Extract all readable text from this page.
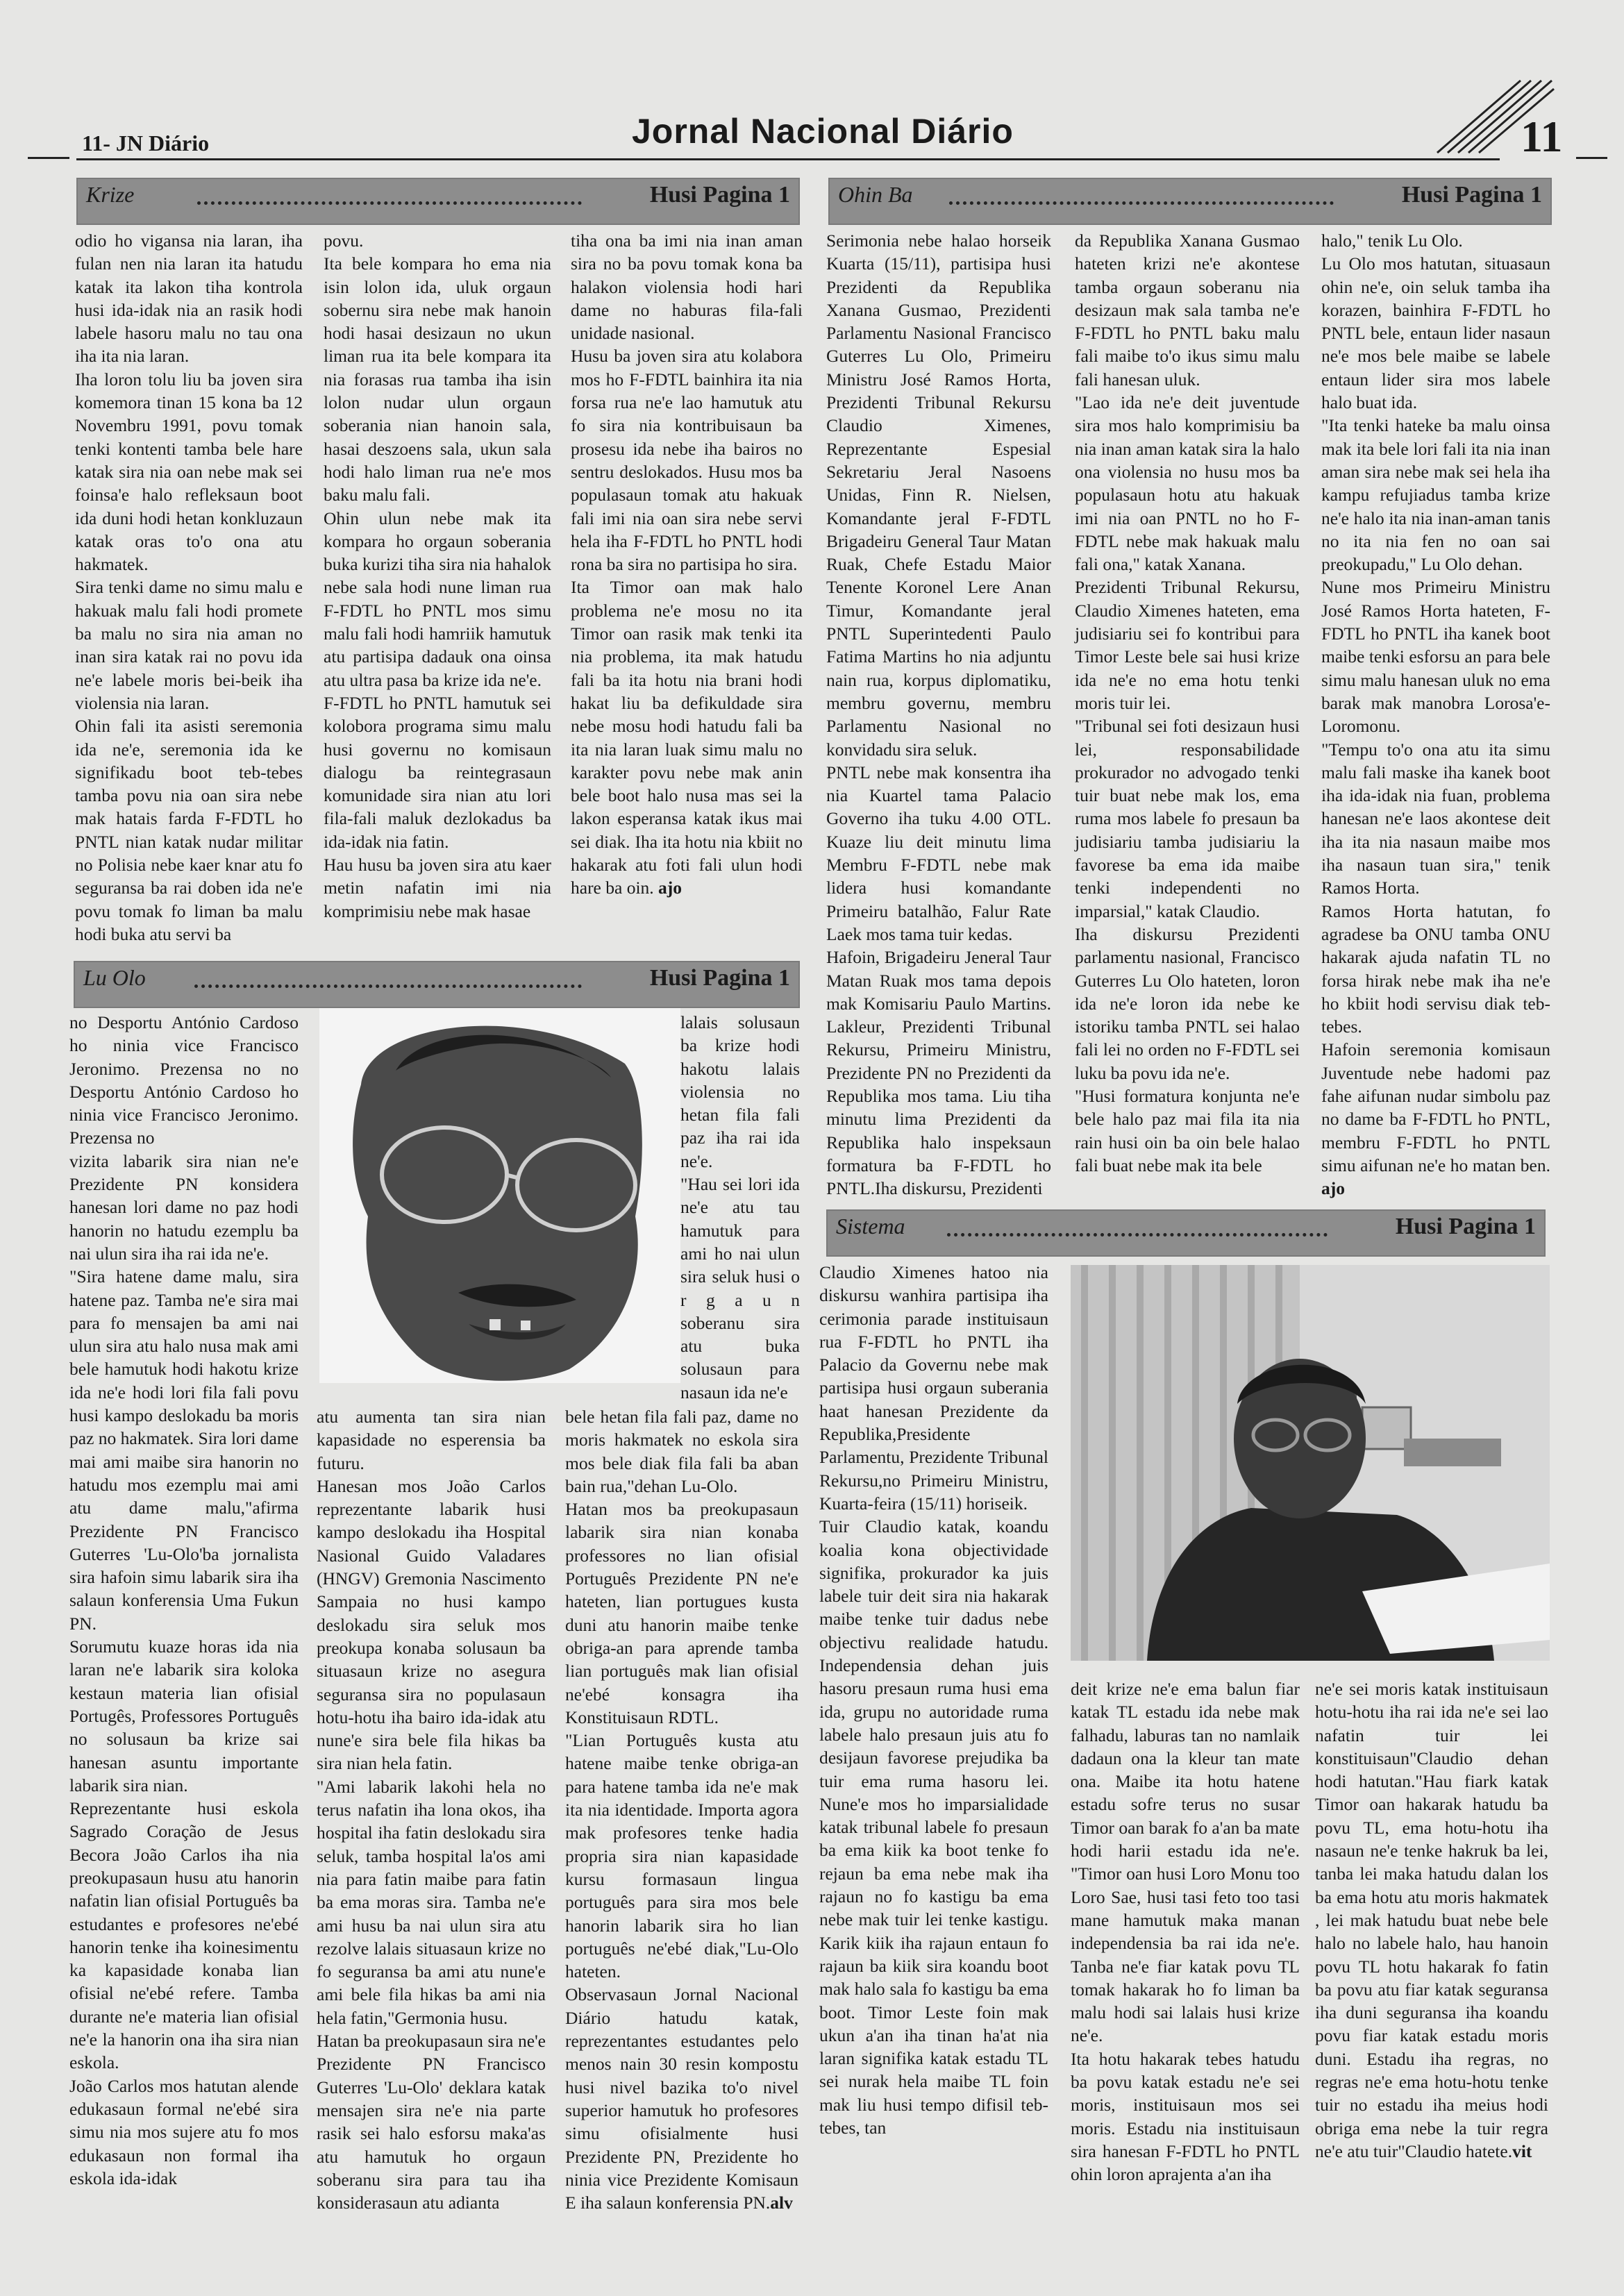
11- JN Diário	Jornal Nacional Diário	11
Krize	Husi Pagina 1

odio ho vigansa nia laran, iha fulan nen nia laran ita hatudu katak ita lakon tiha kontrola husi ida-idak nia an rasik hodi labele hasoru malu no tau ona iha ita nia laran.
Iha loron tolu liu ba joven sira komemora tinan 15 kona ba 12 Novembru 1991, povu tomak tenki kontenti tamba bele hare katak sira nia oan nebe mak sei foinsa'e halo refleksaun boot ida duni hodi hetan konkluzaun katak oras to'o ona atu hakmatek.
Sira tenki dame no simu malu e hakuak malu fali hodi promete ba malu no sira nia aman no inan sira katak rai no povu ida ne'e labele moris bei-beik iha violensia nia laran.
Ohin fali ita asisti seremonia ida ne'e, seremonia ida ke signifikadu boot teb-tebes tamba povu nia oan sira nebe mak hatais farda F-FDTL ho PNTL nian katak nudar militar no Polisia nebe kaer knar atu fo seguransa ba rai doben ida ne'e povu tomak fo liman ba malu hodi buka atu servi ba

povu.
Ita bele kompara ho ema nia isin lolon ida, uluk orgaun sobernu sira nebe mak hanoin hodi hasai desizaun no ukun liman rua ita bele kompara ita nia forasas rua tamba iha isin lolon nudar ulun orgaun soberania nian hanoin sala, hasai deszoens sala, ukun sala hodi halo liman rua ne'e mos baku malu fali.
Ohin ulun nebe mak ita kompara ho orgaun soberania buka kurizi tiha sira nia hahalok nebe sala hodi nune liman rua F-FDTL ho PNTL mos simu malu fali hodi hamriik hamutuk atu partisipa dadauk ona oinsa atu ultra pasa ba krize ida ne'e.
F-FDTL ho PNTL hamutuk sei kolobora programa simu malu husi governu no komisaun dialogu ba reintegrasaun komunidade sira nian atu lori fila-fali maluk dezlokadus ba ida-idak nia fatin.
Hau husu ba joven sira atu kaer metin nafatin imi nia komprimisiu nebe mak hasae

tiha ona ba imi nia inan aman sira no ba povu tomak kona ba halakon violensia hodi hari dame no haburas fila-fali unidade nasional.
Husu ba joven sira atu kolabora mos ho F-FDTL bainhira ita nia forsa rua ne'e lao hamutuk atu fo sira nia kontribuisaun ba prosesu ida nebe iha bairos no sentru deslokados. Husu mos ba populasaun tomak atu hakuak fali imi nia oan sira nebe servi hela iha F-FDTL ho PNTL hodi rona ba sira no partisipa ho sira.
Ita Timor oan mak halo problema ne'e mosu no ita Timor oan rasik mak tenki ita nia problema, ita mak hatudu fali ba ita hotu nia brani hodi hakat liu ba defikuldade sira nebe mosu hodi hatudu fali ba ita nia laran luak simu malu no karakter povu nebe mak anin bele boot halo nusa mas sei la lakon esperansa katak ikus mai sei diak. Iha ita hotu nia kbiit no hakarak atu foti fali ulun hodi hare ba oin. ajo

Ohin Ba	Husi Pagina 1

Serimonia nebe halao horseik Kuarta (15/11), partisipa husi Prezidenti da Republika Xanana Gusmao, Prezidenti Parlamentu Nasional Francisco Guterres Lu Olo, Primeiru Ministru José Ramos Horta, Prezidenti Tribunal Rekursu Claudio Ximenes, Reprezentante Espesial Sekretariu Jeral Nasoens Unidas, Finn R. Nielsen, Komandante jeral F-FDTL Brigadeiru General Taur Matan Ruak, Chefe Estadu Maior Tenente Koronel Lere Anan Timur, Komandante jeral PNTL Superintedenti Paulo Fatima Martins ho nia adjuntu nain rua, korpus diplomatiku, membru governu, membru Parlamentu Nasional no konvidadu sira seluk.
PNTL nebe mak konsentra iha nia Kuartel tama Palacio Governo iha tuku 4.00 OTL. Kuaze liu deit minutu lima Membru F-FDTL nebe mak lidera husi komandante Primeiru batalhão, Falur Rate Laek mos tama tuir kedas.
Hafoin, Brigadeiru Jeneral Taur Matan Ruak mos tama depois mak Komisariu Paulo Martins. Lakleur, Prezidenti Tribunal Rekursu, Primeiru Ministru, Prezidente PN no Prezidenti da Republika mos tama. Liu tiha minutu lima Prezidenti da Republika halo inspeksaun formatura ba F-FDTL ho PNTL.Iha diskursu, Prezidenti

da Republika Xanana Gusmao hateten krizi ne'e akontese tamba orgaun soberanu nia desizaun mak sala tamba ne'e F-FDTL ho PNTL baku malu fali maibe to'o ikus simu malu fali hanesan uluk.
"Lao ida ne'e deit juventude sira mos halo komprimisiu ba nia inan aman katak sira la halo ona violensia no husu mos ba populasaun hotu atu hakuak imi nia oan PNTL no ho F-FDTL nebe mak hakuak malu fali ona," katak Xanana.
Prezidenti Tribunal Rekursu, Claudio Ximenes hateten, ema judisiariu sei fo kontribui para Timor Leste bele sai husi krize ida ne'e no ema hotu tenki moris tuir lei.
"Tribunal sei foti desizaun husi lei, responsabilidade prokurador no advogado tenki tuir buat nebe mak los, ema ruma mos labele fo presaun ba judisiariu tamba judisiariu la favorese ba ema ida maibe tenki independenti no imparsial," katak Claudio.
Iha diskursu Prezidenti parlamentu nasional, Francisco Guterres Lu Olo hateten, loron ida ne'e loron ida nebe ke istoriku tamba PNTL sei halao fali lei no orden no F-FDTL sei luku ba povu ida ne'e.
"Husi formatura konjunta ne'e bele halo paz mai fila ita nia rain husi oin ba oin bele halao fali buat nebe mak ita bele

halo," tenik Lu Olo.
Lu Olo mos hatutan, situasaun ohin ne'e, oin seluk tamba iha korazen, bainhira F-FDTL ho PNTL bele, entaun lider nasaun ne'e mos bele maibe se labele entaun lider sira mos labele halo buat ida.
"Ita tenki hateke ba malu oinsa mak ita bele lori fali ita nia inan aman sira nebe mak sei hela iha kampu refujiadus tamba krize ne'e halo ita nia inan-aman tanis no ita nia fen no oan sai preokupadu," Lu Olo dehan.
Nune mos Primeiru Ministru José Ramos Horta hateten, F-FDTL ho PNTL iha kanek boot maibe tenki esforsu an para bele simu malu hanesan uluk no ema barak mak manobra Lorosa'e-Loromonu.
"Tempu to'o ona atu ita simu malu fali maske iha kanek boot iha ida-idak nia fuan, problema hanesan ne'e laos akontese deit iha ita nia nasaun maibe mos iha nasaun tuan sira," tenik Ramos Horta.
Ramos Horta hatutan, fo agradese ba ONU tamba ONU hakarak ajuda nafatin TL no forsa hirak nebe mak iha ne'e ho kbiit hodi servisu diak teb-tebes.
Hafoin seremonia komisaun Juventude nebe hadomi paz fahe aifunan nudar simbolu paz no dame ba F-FDTL ho PNTL, membru F-FDTL ho PNTL simu aifunan ne'e ho matan ben. ajo

Lu Olo	Husi Pagina 1

no Desportu António Cardoso ho ninia vice Francisco Jeronimo. Prezensa no no Desportu António Cardoso ho ninia vice Francisco Jeronimo. Prezensa no
vizita labarik sira nian ne'e Prezidente PN konsidera hanesan lori dame no paz hodi hanorin no hatudu ezemplu ba nai ulun sira iha rai ida ne'e.
"Sira hatene dame malu, sira hatene paz. Tamba ne'e sira mai para fo mensajen ba ami nai ulun sira atu halo nusa mak ami bele hamutuk hodi hakotu krize ida ne'e hodi lori fila fali povu husi kampo deslokadu ba moris paz no hakmatek. Sira lori dame mai ami maibe sira hanorin no hatudu mos ezemplu mai ami atu dame malu,"afirma Prezidente PN Francisco Guterres 'Lu-Olo'ba jornalista sira hafoin simu labarik sira iha salaun konferensia Uma Fukun PN.
Sorumutu kuaze horas ida nia laran ne'e labarik sira koloka kestaun materia lian ofisial Portugês, Professores Português no solusaun ba krize sai hanesan asuntu importante labarik sira nian.
Reprezentante husi eskola Sagrado Coração de Jesus Becora João Carlos iha nia preokupasaun husu atu hanorin nafatin lian ofisial Português ba estudantes e profesores ne'ebé hanorin tenke iha koinesimentu ka kapasidade konaba lian ofisial ne'ebé refere. Tamba durante ne'e materia lian ofisial ne'e la hanorin ona iha sira nian eskola.
João Carlos mos hatutan alende edukasaun formal ne'ebé sira simu nia mos sujere atu fo mos edukasaun non formal iha eskola ida-idak

lalais solusaun ba krize hodi hakotu lalais violensia no hetan fila fali paz iha rai ida ne'e.
"Hau sei lori ida ne'e atu tau hamutuk para ami ho nai ulun sira seluk husi o r g a u n soberanu sira atu buka solusaun para nasaun ida ne'e

atu aumenta tan sira nian kapasidade no esperensia ba futuru.
Hanesan mos João Carlos reprezentante labarik husi kampo deslokadu iha Hospital Nasional Guido Valadares (HNGV) Gremonia Nascimento Sampaia no husi kampo deslokadu sira seluk mos preokupa konaba solusaun ba situasaun krize no asegura seguransa sira no populasaun hotu-hotu iha bairo ida-idak atu nune'e sira bele fila hikas ba sira nian hela fatin.
"Ami labarik lakohi hela no terus nafatin iha lona okos, iha hospital iha fatin deslokadu sira seluk, tamba hospital la'os ami nia para fatin maibe para fatin ba ema moras sira. Tamba ne'e ami husu ba nai ulun sira atu rezolve lalais situasaun krize no fo seguransa ba ami atu nune'e ami bele fila hikas ba ami nia hela fatin,"Germonia husu.
Hatan ba preokupasaun sira ne'e Prezidente PN Francisco Guterres 'Lu-Olo' deklara katak mensajen sira ne'e nia parte rasik sei halo esforsu maka'as atu hamutuk ho orgaun soberanu sira para tau iha konsiderasaun atu adianta

bele hetan fila fali paz, dame no moris hakmatek no eskola sira mos bele diak fila fali ba aban bain rua,"dehan Lu-Olo.
Hatan mos ba preokupasaun labarik sira nian konaba professores no lian ofisial Português Prezidente PN ne'e hateten, lian portugues kusta duni atu hanorin maibe tenke obriga-an para aprende tamba lian português mak lian ofisial ne'ebé konsagra iha Konstituisaun RDTL.
"Lian Português kusta atu hatene maibe tenke obriga-an para hatene tamba ida ne'e mak ita nia identidade. Importa agora mak profesores tenke hadia propria sira nian kapasidade kursu formasaun lingua português para sira mos bele hanorin labarik sira ho lian português ne'ebé diak,"Lu-Olo hateten.
Observasaun Jornal Nacional Diário hatudu katak, reprezentantes estudantes pelo menos nain 30 resin kompostu husi nivel bazika to'o nivel superior hamutuk ho profesores simu ofisialmente husi Prezidente PN, Prezidente ho ninia vice Prezidente Komisaun E iha salaun konferensia PN.alv

Sistema	Husi Pagina 1

Claudio Ximenes hatoo nia diskursu wanhira partisipa iha cerimonia parade instituisaun rua F-FDTL ho PNTL iha Palacio da Governu nebe mak partisipa husi orgaun suberania haat hanesan Prezidente da Republika,Presidente Parlamentu, Prezidente Tribunal Rekursu,no Primeiru Ministru, Kuarta-feira (15/11) horiseik.
Tuir Claudio katak, koandu koalia kona objectividade signifika, prokurador ka juis labele tuir deit sira nia hakarak maibe tenke tuir dadus nebe objectivu realidade hatudu. Independensia dehan juis hasoru presaun ruma husi ema ida, grupu no autoridade ruma labele halo presaun juis atu fo desijaun favorese prejudika ba tuir ema ruma hasoru lei. Nune'e mos ho imparsialidade katak tribunal labele fo presaun ba ema kiik ka boot tenke fo rejaun ba ema nebe mak iha rajaun no fo kastigu ba ema nebe mak tuir lei tenke kastigu. Karik kiik iha rajaun entaun fo rajaun ba kiik sira koandu boot mak halo sala fo kastigu ba ema boot. Timor Leste foin mak ukun a'an iha tinan ha'at nia laran signifika katak estadu TL sei nurak hela maibe TL foin mak liu husi tempo difisil teb-tebes, tan

deit krize ne'e ema balun fiar katak TL estadu ida nebe mak falhadu, laburas tan no namlaik dadaun ona la kleur tan mate ona. Maibe ita hotu hatene estadu sofre terus no susar Timor oan barak fo a'an ba mate hodi harii estadu ida ne'e. "Timor oan husi Loro Monu too Loro Sae, husi tasi feto too tasi mane hamutuk maka manan independensia ba rai ida ne'e. Tanba ne'e fiar katak povu TL tomak hakarak ho fo liman ba malu hodi sai lalais husi krize ne'e.
Ita hotu hakarak tebes hatudu ba povu katak estadu ne'e sei moris, instituisaun mos sei moris. Estadu nia instituisaun sira hanesan F-FDTL ho PNTL ohin loron aprajenta a'an iha

ne'e sei moris katak instituisaun hotu-hotu iha rai ida ne'e sei lao nafatin tuir lei konstituisaun"Claudio dehan hodi hatutan."Hau fiark katak Timor oan hakarak hatudu ba povu TL, ema hotu-hotu iha nasaun ne'e tenke hakruk ba lei, tanba lei maka hatudu dalan los ba ema hotu atu moris hakmatek , lei mak hatudu buat nebe bele halo no labele halo, hau hanoin povu TL hotu hakarak fo fatin ba povu atu fiar katak seguransa iha duni seguransa iha koandu povu fiar katak estadu moris duni. Estadu iha regras, no regras ne'e ema hotu-hotu tenke tuir no estadu iha meius hodi obriga ema nebe la tuir regra ne'e atu tuir"Claudio hatete.vit
